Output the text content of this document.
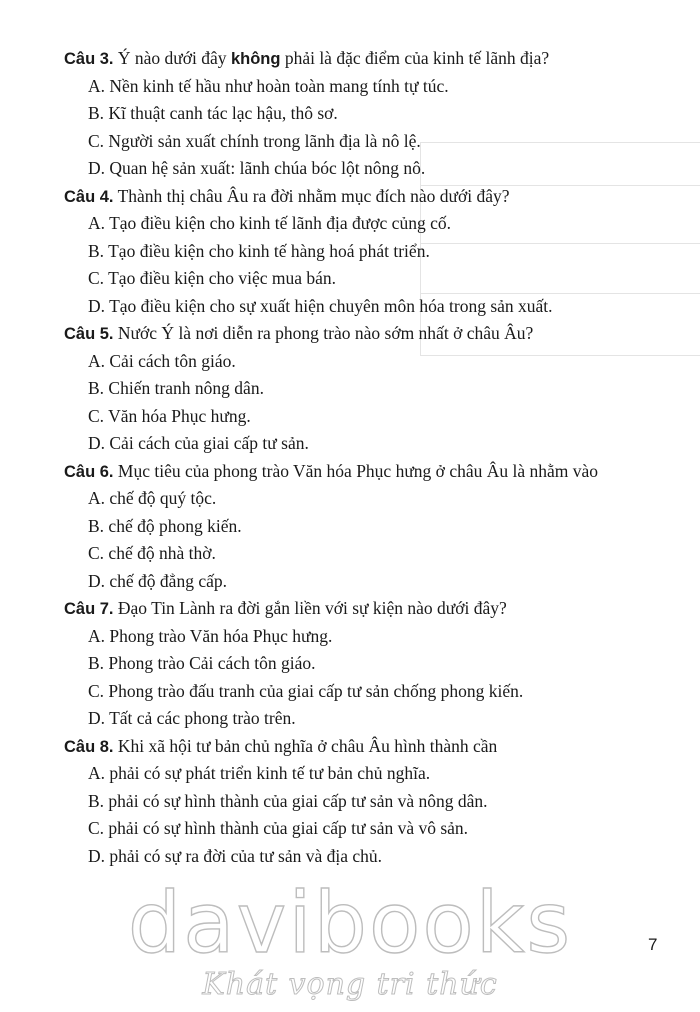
Câu 3. Ý nào dưới đây không phải là đặc điểm của kinh tế lãnh địa?
A. Nền kinh tế hầu như hoàn toàn mang tính tự túc.
B. Kĩ thuật canh tác lạc hậu, thô sơ.
C. Người sản xuất chính trong lãnh địa là nô lệ.
D. Quan hệ sản xuất: lãnh chúa bóc lột nông nô.
Câu 4. Thành thị châu Âu ra đời nhằm mục đích nào dưới đây?
A. Tạo điều kiện cho kinh tế lãnh địa được củng cố.
B. Tạo điều kiện cho kinh tế hàng hoá phát triển.
C. Tạo điều kiện cho việc mua bán.
D. Tạo điều kiện cho sự xuất hiện chuyên môn hóa trong sản xuất.
Câu 5. Nước Ý là nơi diễn ra phong trào nào sớm nhất ở châu Âu?
A. Cải cách tôn giáo.
B. Chiến tranh nông dân.
C. Văn hóa Phục hưng.
D. Cải cách của giai cấp tư sản.
Câu 6. Mục tiêu của phong trào Văn hóa Phục hưng ở châu Âu là nhằm vào
A. chế độ quý tộc.
B. chế độ phong kiến.
C. chế độ nhà thờ.
D. chế độ đẳng cấp.
Câu 7. Đạo Tin Lành ra đời gắn liền với sự kiện nào dưới đây?
A. Phong trào Văn hóa Phục hưng.
B. Phong trào Cải cách tôn giáo.
C. Phong trào đấu tranh của giai cấp tư sản chống phong kiến.
D. Tất cả các phong trào trên.
Câu 8. Khi xã hội tư bản chủ nghĩa ở châu Âu hình thành cần
A. phải có sự phát triển kinh tế tư bản chủ nghĩa.
B. phải có sự hình thành của giai cấp tư sản và nông dân.
C. phải có sự hình thành của giai cấp tư sản và vô sản.
D. phải có sự ra đời của tư sản và địa chủ.
davibooks
Khát vọng tri thức
7
